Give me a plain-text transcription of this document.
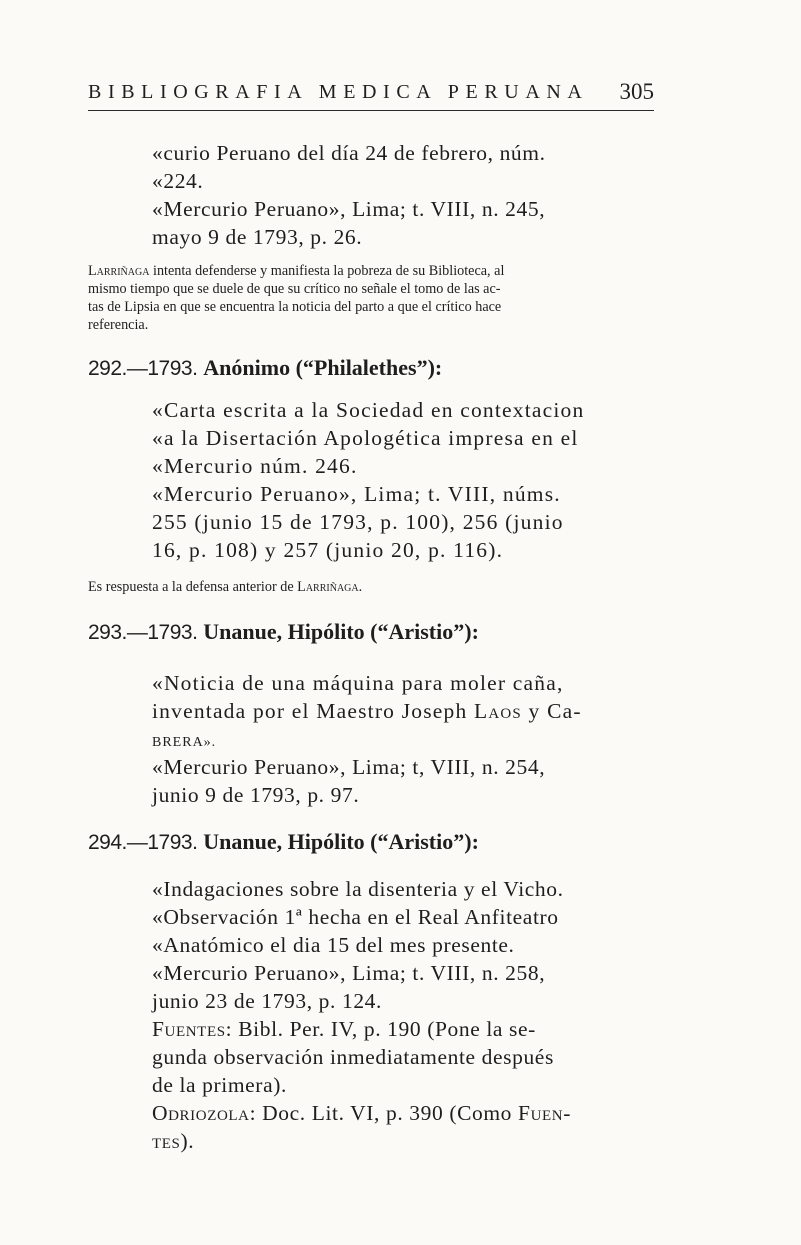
BIBLIOGRAFIA MEDICA PERUANA 305
«curio Peruano del día 24 de febrero, núm.
«224.
«Mercurio Peruano», Lima; t. VIII, n. 245,
mayo 9 de 1793, p. 26.
Larriñaga intenta defenderse y manifiesta la pobreza de su Biblioteca, al
mismo tiempo que se duele de que su crítico no señale el tomo de las ac-
tas de Lipsia en que se encuentra la noticia del parto a que el crítico hace
referencia.
292.—1793. Anónimo (“Philalethes”):
«Carta escrita a la Sociedad en contextacion
«a la Disertación Apologética impresa en el
«Mercurio núm. 246.
«Mercurio Peruano», Lima; t. VIII, núms.
255 (junio 15 de 1793, p. 100), 256 (junio
16, p. 108) y 257 (junio 20, p. 116).
Es respuesta a la defensa anterior de Larriñaga.
293.—1793. Unanue, Hipólito (“Aristio”):
«Noticia de una máquina para moler caña,
inventada por el Maestro Joseph Laos y Ca-
BRERA».
«Mercurio Peruano», Lima; t, VIII, n. 254,
junio 9 de 1793, p. 97.
294.—1793. Unanue, Hipólito (“Aristio”):
«Indagaciones sobre la disenteria y el Vicho.
«Observación 1ª hecha en el Real Anfiteatro
«Anatómico el dia 15 del mes presente.
«Mercurio Peruano», Lima; t. VIII, n. 258,
junio 23 de 1793, p. 124.
Fuentes: Bibl. Per. IV, p. 190 (Pone la se-
gunda observación inmediatamente después
de la primera).
Odriozola: Doc. Lit. VI, p. 390 (Como Fuen-
tes).
